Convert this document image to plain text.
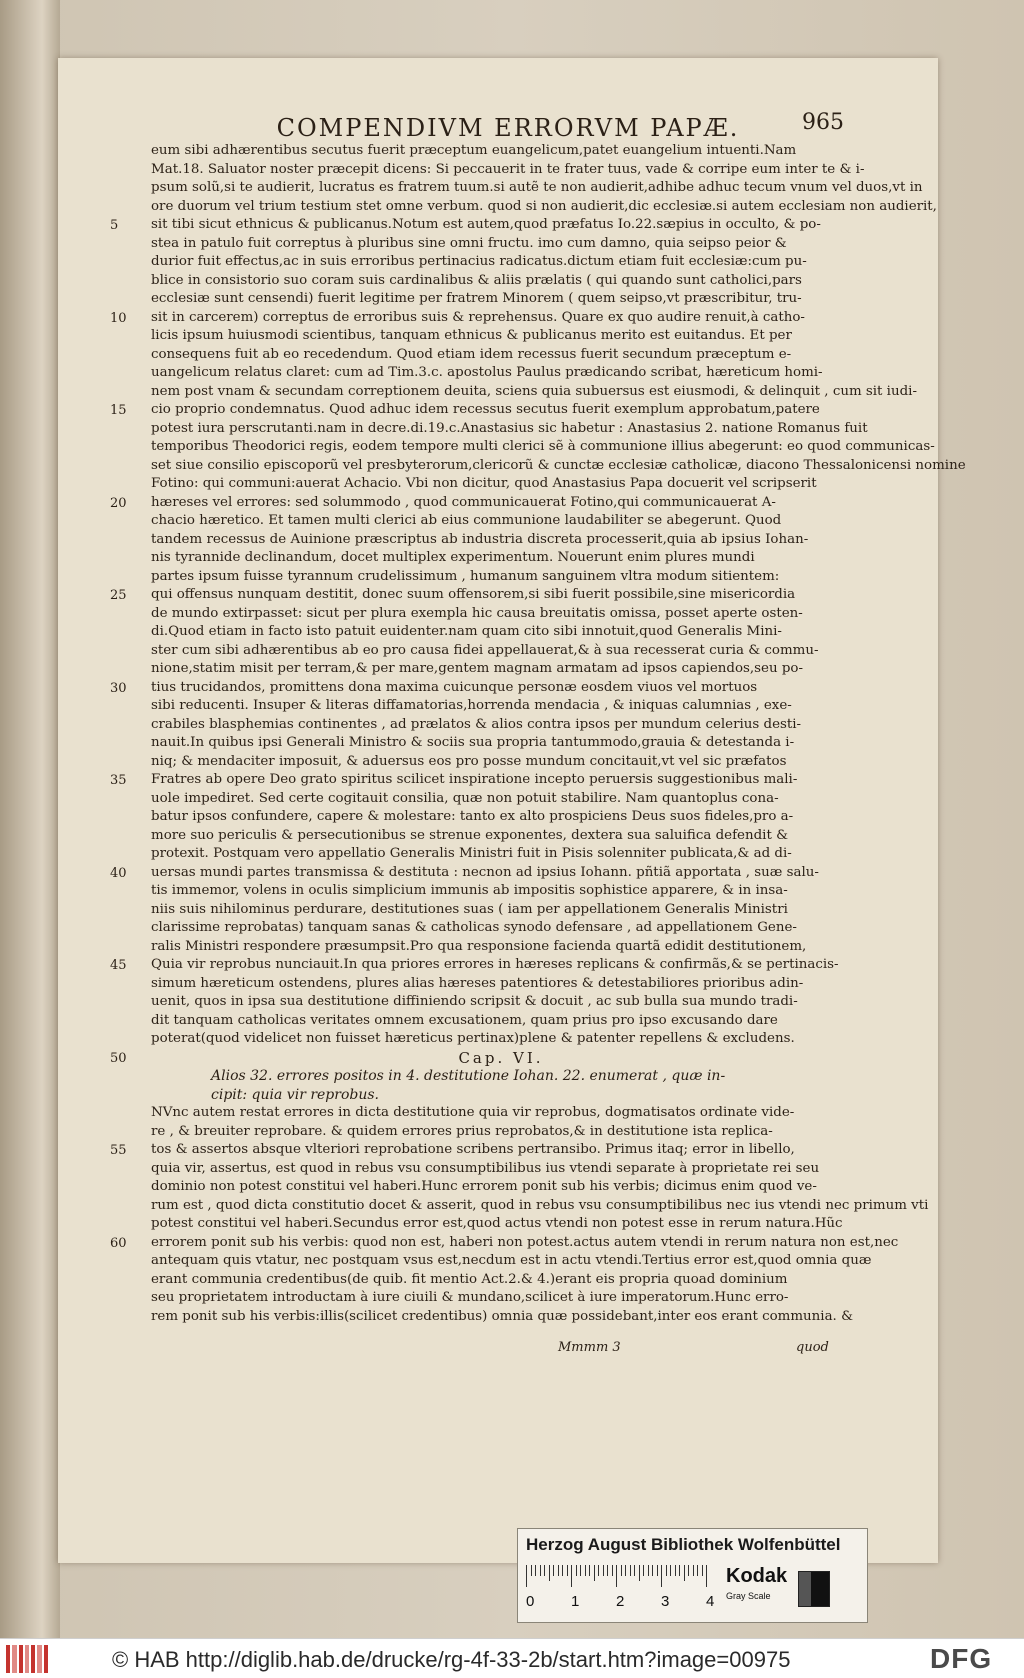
COMPENDIVM ERRORVM PAPÆ.	965
5
10
15
20
25
30
35
40
45
50
55
60
eum sibi adhærentibus secutus fuerit præceptum euangelicum,patet euangelium intuenti.Nam
Mat.18. Saluator noster præcepit dicens: Si peccauerit in te frater tuus, vade & corripe eum inter te & i-
psum solũ,si te audierit, lucratus es fratrem tuum.si autẽ te non audierit,adhibe adhuc tecum vnum vel duos,vt in
ore duorum vel trium testium stet omne verbum. quod si non audierit,dic ecclesiæ.si autem ecclesiam non audierit,
sit tibi sicut ethnicus & publicanus.Notum est autem,quod præfatus Io.22.sæpius in occulto, & po-
stea in patulo fuit correptus à pluribus sine omni fructu. imo cum damno, quia seipso peior &
durior fuit effectus,ac in suis erroribus pertinacius radicatus.dictum etiam fuit ecclesiæ:cum pu-
blice in consistorio suo coram suis cardinalibus & aliis prælatis ( qui quando sunt catholici,pars
ecclesiæ sunt censendi) fuerit legitime per fratrem Minorem ( quem seipso,vt præscribitur, tru-
sit in carcerem) correptus de erroribus suis & reprehensus. Quare ex quo audire renuit,à catho-
licis ipsum huiusmodi scientibus, tanquam ethnicus & publicanus merito est euitandus. Et per
consequens fuit ab eo recedendum. Quod etiam idem recessus fuerit secundum præceptum e-
uangelicum relatus claret: cum ad Tim.3.c. apostolus Paulus prædicando scribat, hæreticum homi-
nem post vnam & secundam correptionem deuita, sciens quia subuersus est eiusmodi, & delinquit , cum sit iudi-
cio proprio condemnatus. Quod adhuc idem recessus secutus fuerit exemplum approbatum,patere
potest iura perscrutanti.nam in decre.di.19.c.Anastasius sic habetur : Anastasius 2. natione Romanus fuit
temporibus Theodorici regis, eodem tempore multi clerici sẽ à communione illius abegerunt: eo quod communicas-
set siue consilio episcoporũ vel presbyterorum,clericorũ & cunctæ ecclesiæ catholicæ, diacono Thessalonicensi nomine
Fotino: qui communi:auerat Achacio. Vbi non dicitur, quod Anastasius Papa docuerit vel scripserit
hæreses vel errores: sed solummodo , quod communicauerat Fotino,qui communicauerat A-
chacio hæretico. Et tamen multi clerici ab eius communione laudabiliter se abegerunt. Quod
tandem recessus de Auinione præscriptus ab industria discreta processerit,quia ab ipsius Iohan-
nis tyrannide declinandum, docet multiplex experimentum. Nouerunt enim plures mundi
partes ipsum fuisse tyrannum crudelissimum , humanum sanguinem vltra modum sitientem:
qui offensus nunquam destitit, donec suum offensorem,si sibi fuerit possibile,sine misericordia
de mundo extirpasset: sicut per plura exempla hic causa breuitatis omissa, posset aperte osten-
di.Quod etiam in facto isto patuit euidenter.nam quam cito sibi innotuit,quod Generalis Mini-
ster cum sibi adhærentibus ab eo pro causa fidei appellauerat,& à sua recesserat curia & commu-
nione,statim misit per terram,& per mare,gentem magnam armatam ad ipsos capiendos,seu po-
tius trucidandos, promittens dona maxima cuicunque personæ eosdem viuos vel mortuos
sibi reducenti. Insuper & literas diffamatorias,horrenda mendacia , & iniquas calumnias , exe-
crabiles blasphemias continentes , ad prælatos & alios contra ipsos per mundum celerius desti-
nauit.In quibus ipsi Generali Ministro & sociis sua propria tantummodo,grauia & detestanda i-
niq; & mendaciter imposuit, & aduersus eos pro posse mundum concitauit,vt vel sic præfatos
Fratres ab opere Deo grato spiritus scilicet inspiratione incepto peruersis suggestionibus mali-
uole impediret. Sed certe cogitauit consilia, quæ non potuit stabilire. Nam quantoplus cona-
batur ipsos confundere, capere & molestare: tanto ex alto prospiciens Deus suos fideles,pro a-
more suo periculis & persecutionibus se strenue exponentes, dextera sua saluifica defendit &
protexit. Postquam vero appellatio Generalis Ministri fuit in Pisis solenniter publicata,& ad di-
uersas mundi partes transmissa & destituta : necnon ad ipsius Iohann. pñtiã apportata , suæ salu-
tis immemor, volens in oculis simplicium immunis ab impositis sophistice apparere, & in insa-
niis suis nihilominus perdurare, destitutiones suas ( iam per appellationem Generalis Ministri
clarissime reprobatas) tanquam sanas & catholicas synodo defensare , ad appellationem Gene-
ralis Ministri respondere præsumpsit.Pro qua responsione facienda quartã edidit destitutionem,
Quia vir reprobus nunciauit.In qua priores errores in hæreses replicans & confirmãs,& se pertinacis-
simum hæreticum ostendens, plures alias hæreses patentiores & detestabiliores prioribus adin-
uenit, quos in ipsa sua destitutione diffiniendo scripsit & docuit , ac sub bulla sua mundo tradi-
dit tanquam catholicas veritates omnem excusationem, quam prius pro ipso excusando dare
poterat(quod videlicet non fuisset hæreticus pertinax)plene & patenter repellens & excludens.
Cap. VI.
Alios 32. errores positos in 4. destitutione Iohan. 22. enumerat , quæ in-
cipit: quia vir reprobus.
NVnc autem restat errores in dicta destitutione quia vir reprobus, dogmatisatos ordinate vide-
re , & breuiter reprobare. & quidem errores prius reprobatos,& in destitutione ista replica-
tos & assertos absque vlteriori reprobatione scribens pertransibo. Primus itaq; error in libello,
quia vir, assertus, est quod in rebus vsu consumptibilibus ius vtendi separate à proprietate rei seu
dominio non potest constitui vel haberi.Hunc errorem ponit sub his verbis; dicimus enim quod ve-
rum est , quod dicta constitutio docet & asserit, quod in rebus vsu consumptibilibus nec ius vtendi nec primum vti
potest constitui vel haberi.Secundus error est,quod actus vtendi non potest esse in rerum natura.Hũc
errorem ponit sub his verbis: quod non est, haberi non potest.actus autem vtendi in rerum natura non est,nec
antequam quis vtatur, nec postquam vsus est,necdum est in actu vtendi.Tertius error est,quod omnia quæ
erant communia credentibus(de quib. fit mentio Act.2.& 4.)erant eis propria quoad dominium
seu proprietatem introductam à iure ciuili & mundano,scilicet à iure imperatorum.Hunc erro-
rem ponit sub his verbis:illis(scilicet credentibus) omnia quæ possidebant,inter eos erant communia. &
Mmmm 3	quod
Herzog August Bibliothek Wolfenbüttel
0 1 2 3 4
Kodak
Gray Scale
© HAB http://diglib.hab.de/drucke/rg-4f-33-2b/start.htm?image=00975	DFG
